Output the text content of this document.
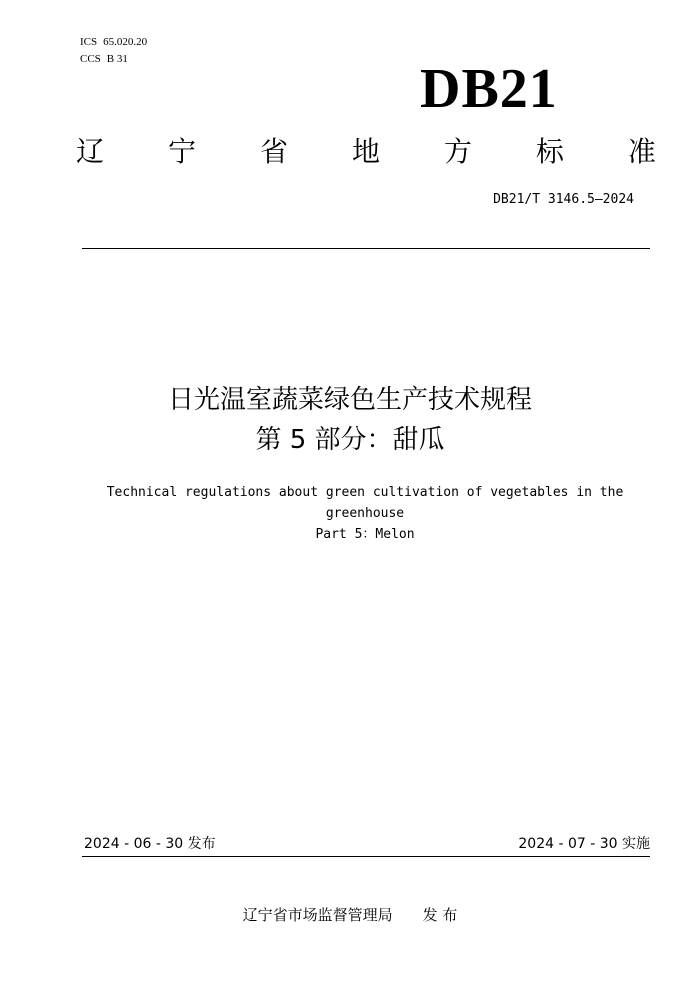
ICS 65.020.20
CCS B 31	DB21
辽 宁 省 地 方 标 准
DB21/T 3146.5—2024
日光温室蔬菜绿色生产技术规程
第 5 部分：甜瓜
Technical regulations about green cultivation of vegetables in the
greenhouse
Part 5：Melon
2024 - 06 - 30 发布	2024 - 07 - 30 实施
辽宁省市场监督管理局 发 布
